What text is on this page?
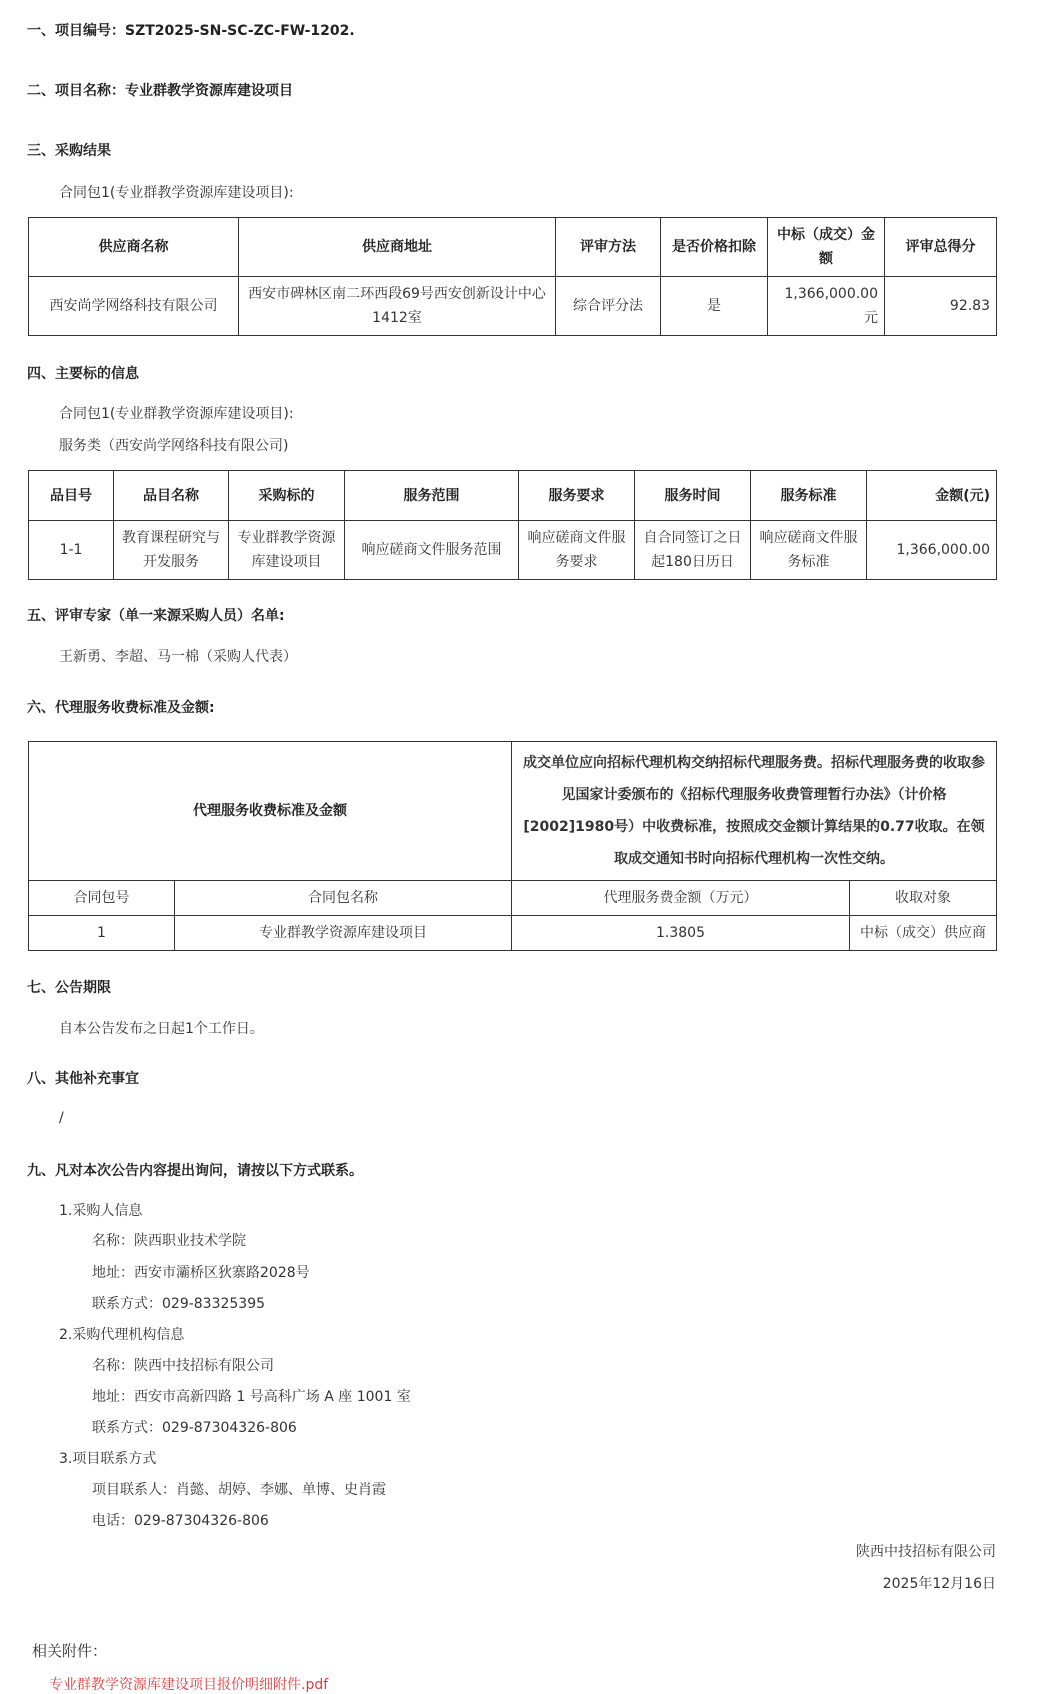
一、项目编号：SZT2025-SN-SC-ZC-FW-1202.
二、项目名称：专业群教学资源库建设项目
三、采购结果
合同包1(专业群教学资源库建设项目):
供应商名称	供应商地址	评审方法	是否价格扣除	中标（成交）金额	评审总得分
西安尚学网络科技有限公司	西安市碑林区南二环西段69号西安创新设计中心1412室	综合评分法	是	1,366,000.00元	92.83
四、主要标的信息
合同包1(专业群教学资源库建设项目):
服务类（西安尚学网络科技有限公司)
品目号	品目名称	采购标的	服务范围	服务要求	服务时间	服务标准	金额(元)
1-1	教育课程研究与开发服务	专业群教学资源库建设项目	响应磋商文件服务范围	响应磋商文件服务要求	自合同签订之日起180日历日	响应磋商文件服务标准	1,366,000.00
五、评审专家（单一来源采购人员）名单:
王新勇、李超、马一棉（采购人代表）
六、代理服务收费标准及金额:
代理服务收费标准及金额		成交单位应向招标代理机构交纳招标代理服务费。招标代理服务费的收取参见国家计委颁布的《招标代理服务收费管理暂行办法》（计价格[2002]1980号）中收费标准，按照成交金额计算结果的0.77收取。在领取成交通知书时向招标代理机构一次性交纳。	
合同包号	合同包名称	代理服务费金额（万元）	收取对象
1	专业群教学资源库建设项目	1.3805	中标（成交）供应商
七、公告期限
自本公告发布之日起1个工作日。
八、其他补充事宜
/
九、凡对本次公告内容提出询问，请按以下方式联系。
1.采购人信息
名称：陕西职业技术学院
地址：西安市灞桥区狄寨路2028号
联系方式：029-83325395
2.采购代理机构信息
名称：陕西中技招标有限公司
地址：西安市高新四路 1 号高科广场 A 座 1001 室
联系方式：029-87304326-806
3.项目联系方式
项目联系人：肖懿、胡婷、李娜、单博、史肖霞
电话：029-87304326-806
陕西中技招标有限公司
2025年12月16日
相关附件：
专业群教学资源库建设项目报价明细附件.pdf
